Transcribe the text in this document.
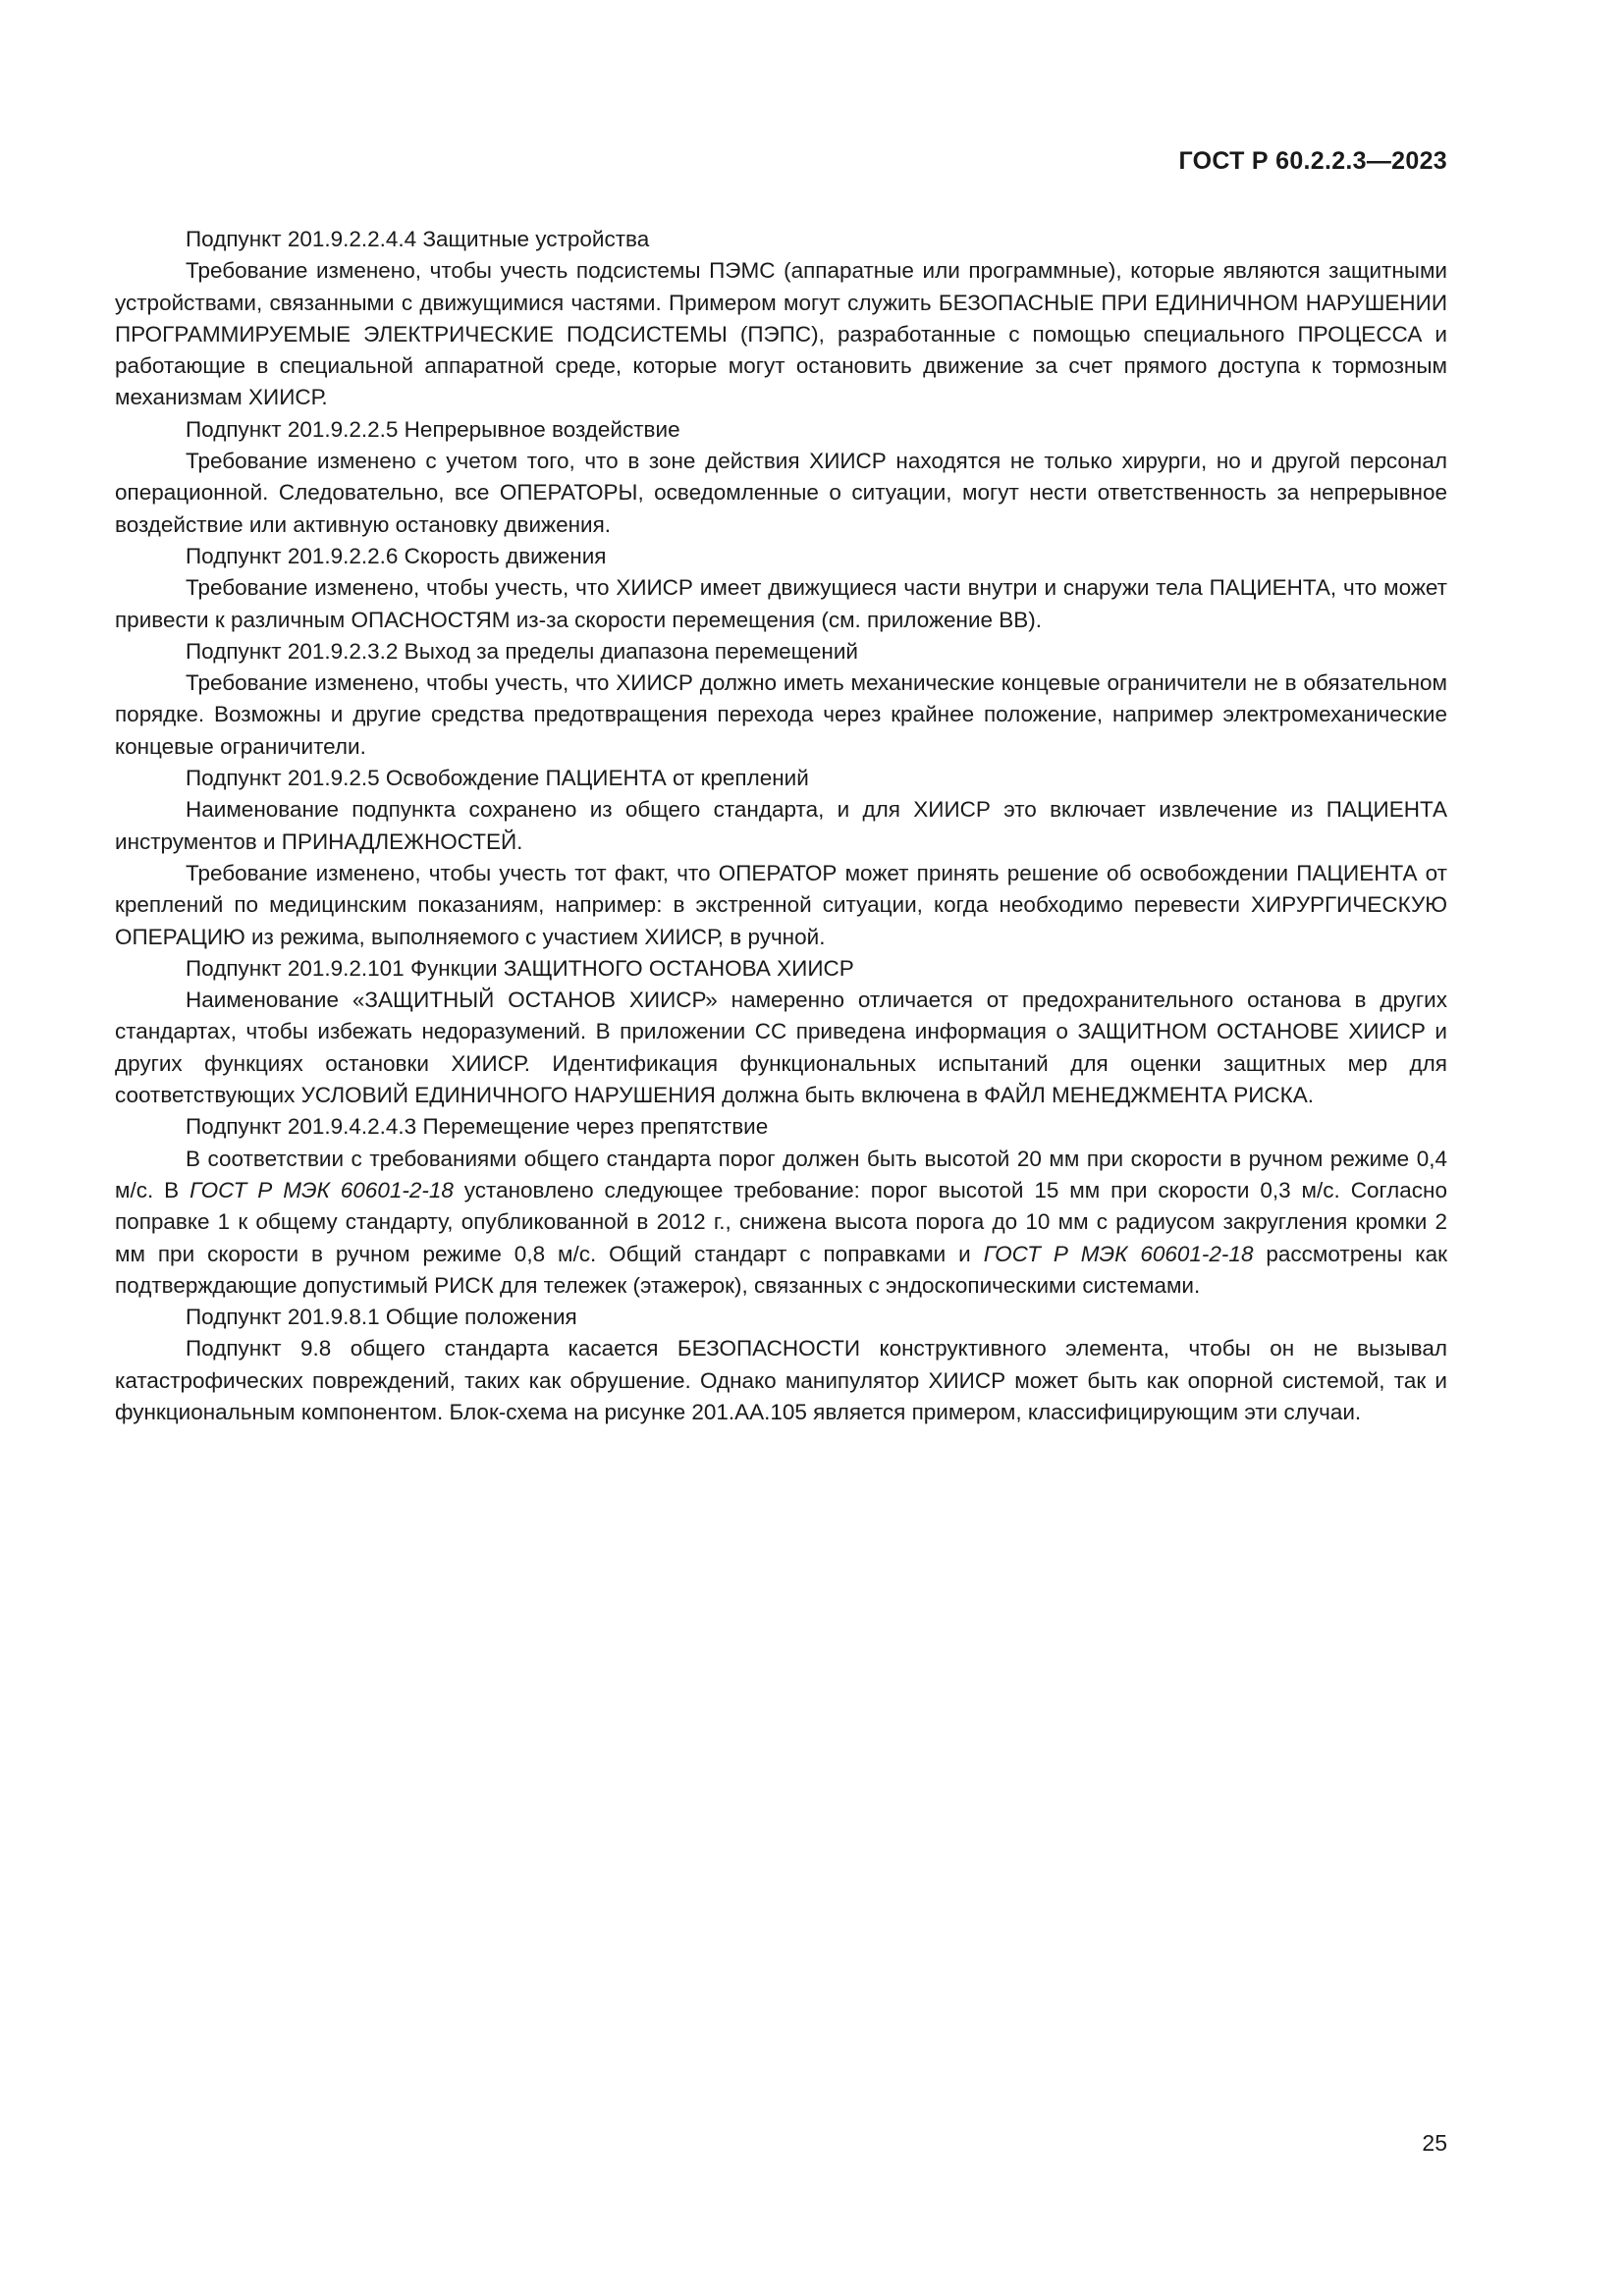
ГОСТ Р 60.2.2.3—2023

Подпункт 201.9.2.2.4.4 Защитные устройства

Требование изменено, чтобы учесть подсистемы ПЭМС (аппаратные или программные), которые являются защитными устройствами, связанными с движущимися частями. Примером могут служить БЕЗОПАСНЫЕ ПРИ ЕДИНИЧНОМ НАРУШЕНИИ ПРОГРАММИРУЕМЫЕ ЭЛЕКТРИЧЕСКИЕ ПОДСИСТЕМЫ (ПЭПС), разработанные с помощью специального ПРОЦЕССА и работающие в специальной аппаратной среде, которые могут остановить движение за счет прямого доступа к тормозным механизмам ХИИСР.

Подпункт 201.9.2.2.5 Непрерывное воздействие

Требование изменено с учетом того, что в зоне действия ХИИСР находятся не только хирурги, но и другой персонал операционной. Следовательно, все ОПЕРАТОРЫ, осведомленные о ситуации, могут нести ответственность за непрерывное воздействие или активную остановку движения.

Подпункт 201.9.2.2.6 Скорость движения

Требование изменено, чтобы учесть, что ХИИСР имеет движущиеся части внутри и снаружи тела ПАЦИЕНТА, что может привести к различным ОПАСНОСТЯМ из-за скорости перемещения (см. приложение ВВ).

Подпункт 201.9.2.3.2 Выход за пределы диапазона перемещений

Требование изменено, чтобы учесть, что ХИИСР должно иметь механические концевые ограничители не в обязательном порядке. Возможны и другие средства предотвращения перехода через крайнее положение, например электромеханические концевые ограничители.

Подпункт 201.9.2.5 Освобождение ПАЦИЕНТА от креплений

Наименование подпункта сохранено из общего стандарта, и для ХИИСР это включает извлечение из ПАЦИЕНТА инструментов и ПРИНАДЛЕЖНОСТЕЙ.

Требование изменено, чтобы учесть тот факт, что ОПЕРАТОР может принять решение об освобождении ПАЦИЕНТА от креплений по медицинским показаниям, например: в экстренной ситуации, когда необходимо перевести ХИРУРГИЧЕСКУЮ ОПЕРАЦИЮ из режима, выполняемого с участием ХИИСР, в ручной.

Подпункт 201.9.2.101 Функции ЗАЩИТНОГО ОСТАНОВА ХИИСР

Наименование «ЗАЩИТНЫЙ ОСТАНОВ ХИИСР» намеренно отличается от предохранительного останова в других стандартах, чтобы избежать недоразумений. В приложении СС приведена информация о ЗАЩИТНОМ ОСТАНОВЕ ХИИСР и других функциях остановки ХИИСР. Идентификация функциональных испытаний для оценки защитных мер для соответствующих УСЛОВИЙ ЕДИНИЧНОГО НАРУШЕНИЯ должна быть включена в ФАЙЛ МЕНЕДЖМЕНТА РИСКА.

Подпункт 201.9.4.2.4.3 Перемещение через препятствие

В соответствии с требованиями общего стандарта порог должен быть высотой 20 мм при скорости в ручном режиме 0,4 м/с. В ГОСТ Р МЭК 60601-2-18 установлено следующее требование: порог высотой 15 мм при скорости 0,3 м/с. Согласно поправке 1 к общему стандарту, опубликованной в 2012 г., снижена высота порога до 10 мм с радиусом закругления кромки 2 мм при скорости в ручном режиме 0,8 м/с. Общий стандарт с поправками и ГОСТ Р МЭК 60601-2-18 рассмотрены как подтверждающие допустимый РИСК для тележек (этажерок), связанных с эндоскопическими системами.

Подпункт 201.9.8.1 Общие положения

Подпункт 9.8 общего стандарта касается БЕЗОПАСНОСТИ конструктивного элемента, чтобы он не вызывал катастрофических повреждений, таких как обрушение. Однако манипулятор ХИИСР может быть как опорной системой, так и функциональным компонентом. Блок-схема на рисунке 201.АА.105 является примером, классифицирующим эти случаи.

25
